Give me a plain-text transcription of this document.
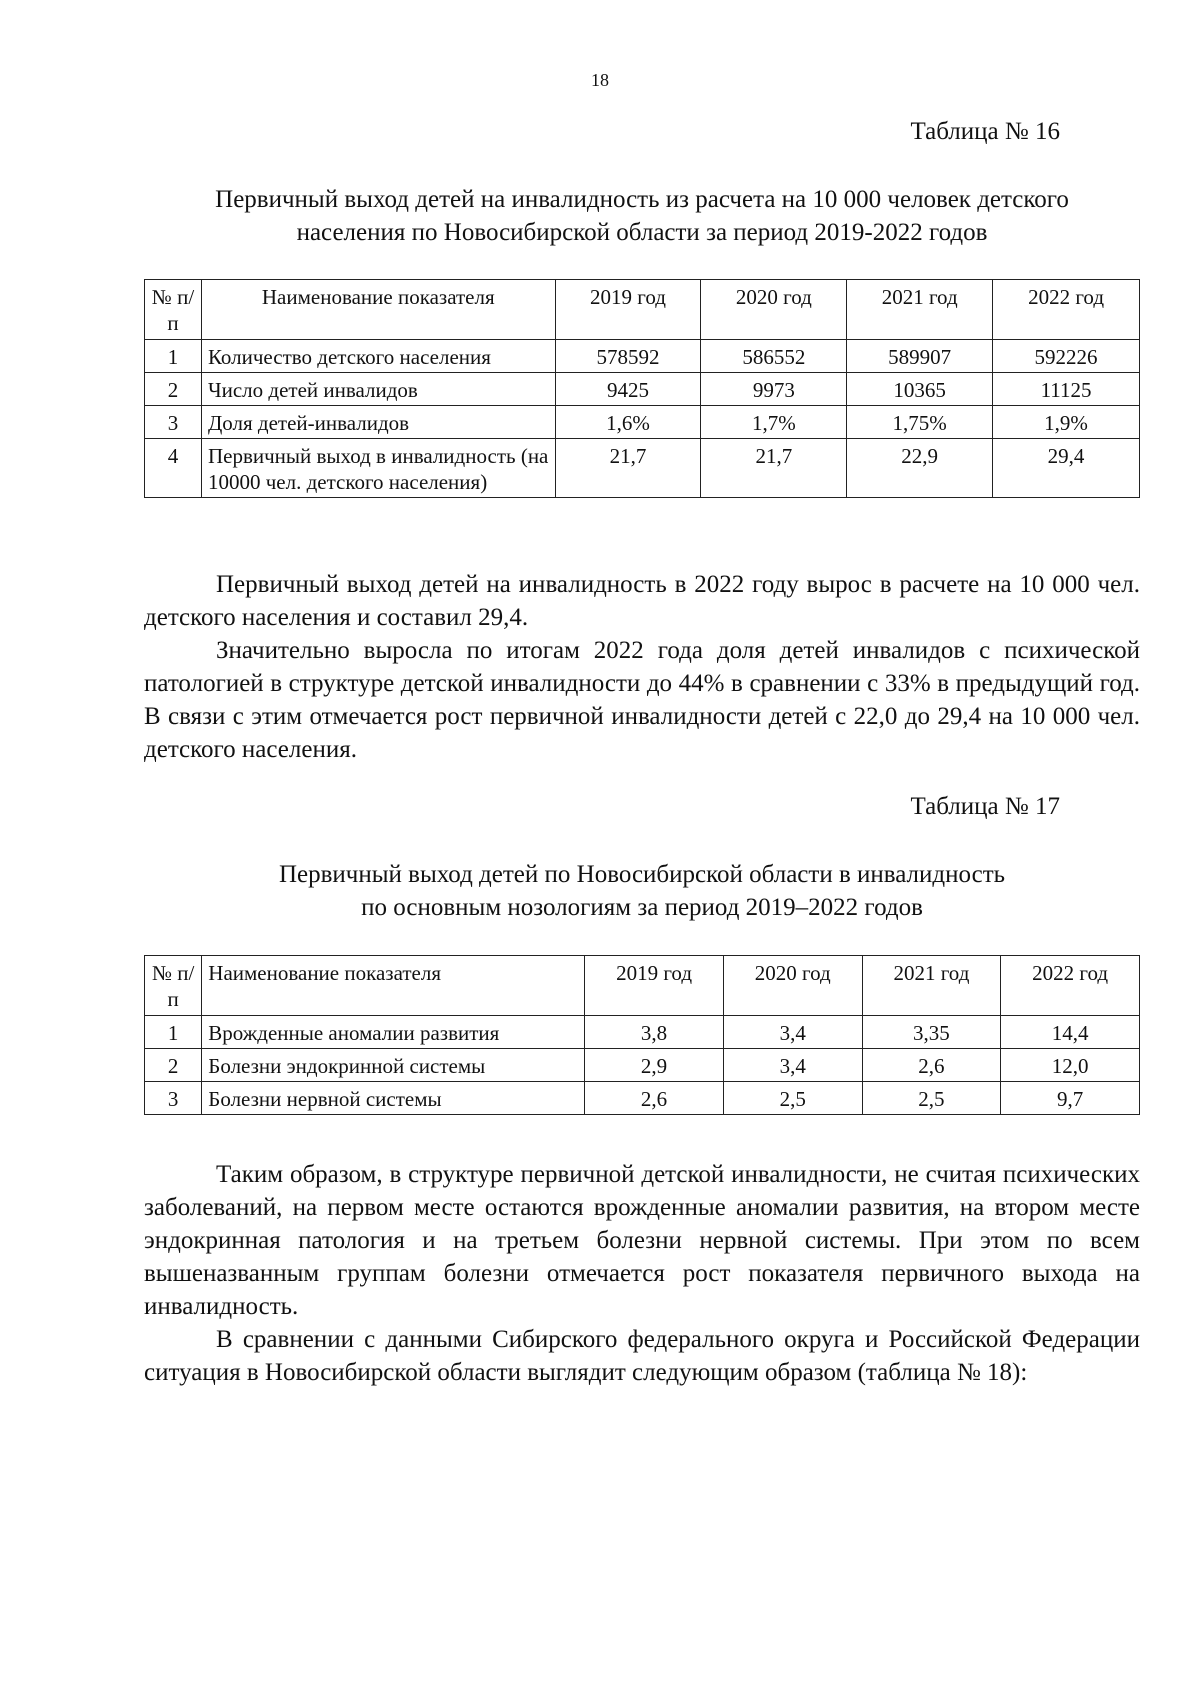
18
Таблица № 16
Первичный выход детей на инвалидность из расчета на 10 000 человек детского
населения по Новосибирской области за период 2019-2022 годов
№ п/п	Наименование показателя	2019 год	2020 год	2021 год	2022 год
1	Количество детского населения	578592	586552	589907	592226
2	Число детей инвалидов	9425	9973	10365	11125
3	Доля детей-инвалидов	1,6%	1,7%	1,75%	1,9%
4	Первичный выход в инвалидность (на 10000 чел. детского населения)	21,7	21,7	22,9	29,4

Первичный выход детей на инвалидность в 2022 году вырос в расчете на 10 000 чел. детского населения и составил 29,4.

Значительно выросла по итогам 2022 года доля детей инвалидов с психической патологией в структуре детской инвалидности до 44% в сравнении с 33% в предыдущий год. В связи с этим отмечается рост первичной инвалидности детей с 22,0 до 29,4 на 10 000 чел. детского населения.

Таблица № 17
Первичный выход детей по Новосибирской области в инвалидность
по основным нозологиям за период 2019–2022 годов
№ п/п	Наименование показателя	2019 год	2020 год	2021 год	2022 год
1	Врожденные аномалии развития	3,8	3,4	3,35	14,4
2	Болезни эндокринной системы	2,9	3,4	2,6	12,0
3	Болезни нервной системы	2,6	2,5	2,5	9,7

Таким образом, в структуре первичной детской инвалидности, не считая психических заболеваний, на первом месте остаются врожденные аномалии развития, на втором месте эндокринная патология и на третьем болезни нервной системы. При этом по всем вышеназванным группам болезни отмечается рост показателя первичного выхода на инвалидность.

В сравнении с данными Сибирского федерального округа и Российской Федерации ситуация в Новосибирской области выглядит следующим образом (таблица № 18):
